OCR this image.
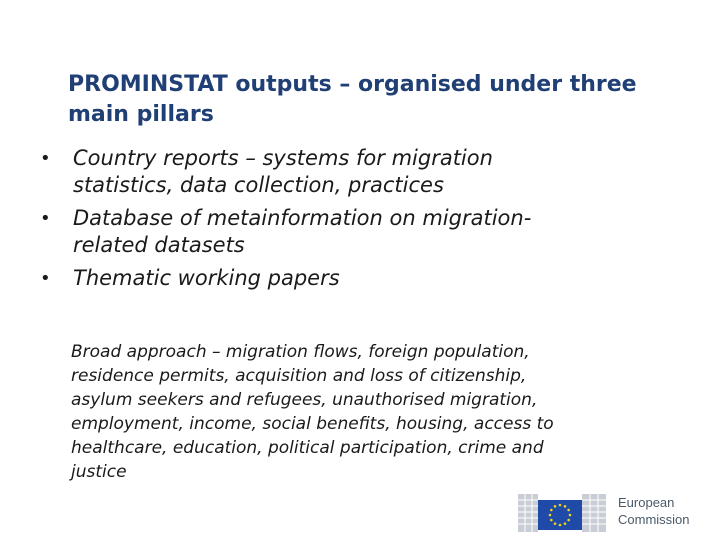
PROMINSTAT outputs – organised under three
main pillars
• Country reports – systems for migration
statistics, data collection, practices
• Database of metainformation on migration-
related datasets
• Thematic working papers

Broad approach – migration flows, foreign population,
residence permits, acquisition and loss of citizenship,
asylum seekers and refugees, unauthorised migration,
employment, income, social benefits, housing, access to
healthcare, education, political participation, crime and
justice

European
Commission
